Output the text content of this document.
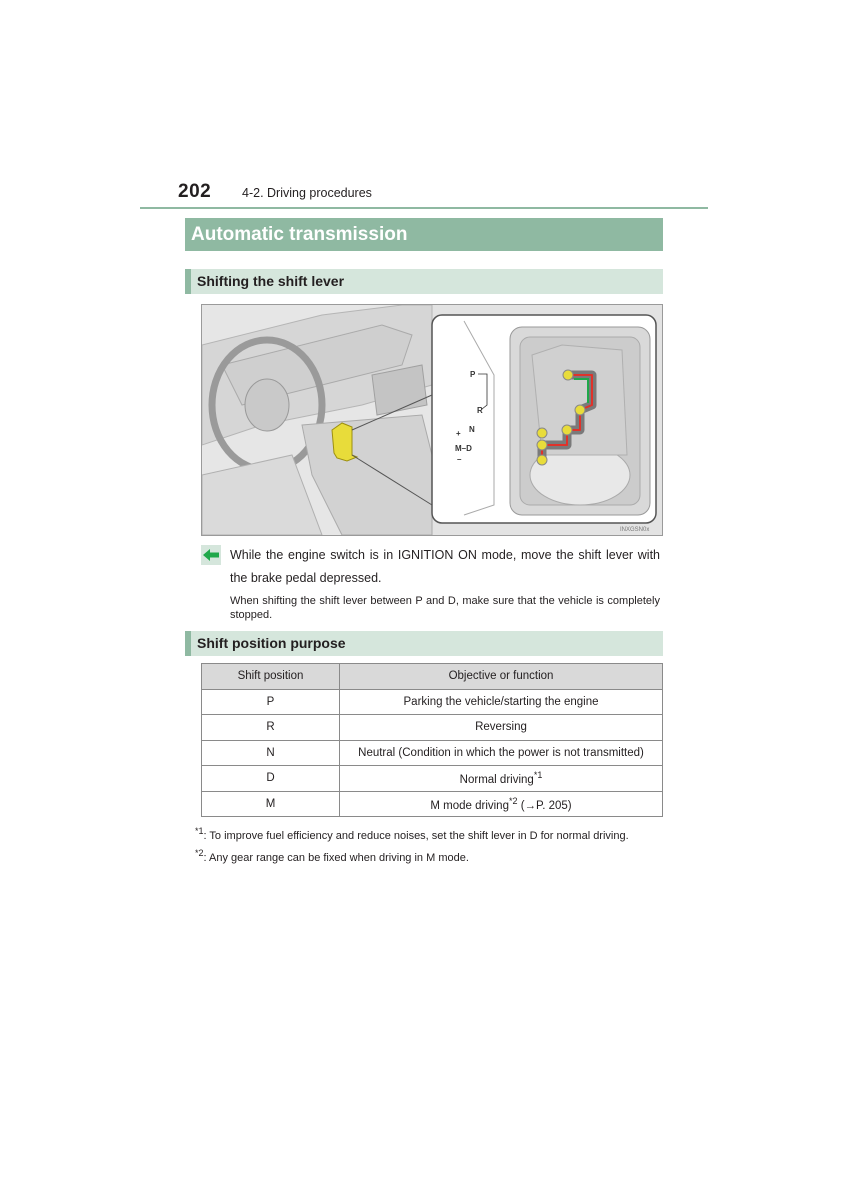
202 4-2. Driving procedures
Automatic transmission
Shifting the shift lever
P
R
N
+
M–D
–
INXGSN0x
While the engine switch is in IGNITION ON mode, move the shift lever with the brake pedal depressed.
When shifting the shift lever between P and D, make sure that the vehicle is completely stopped.
Shift position purpose
Shift position	Objective or function
P	Parking the vehicle/starting the engine
R	Reversing
N	Neutral (Condition in which the power is not transmitted)
D	Normal driving$^{*1}$
M	M mode driving$^{*2}$ (→P. 205)
$^{*1}$: To improve fuel efficiency and reduce noises, set the shift lever in D for normal driving.
$^{*2}$: Any gear range can be fixed when driving in M mode.
